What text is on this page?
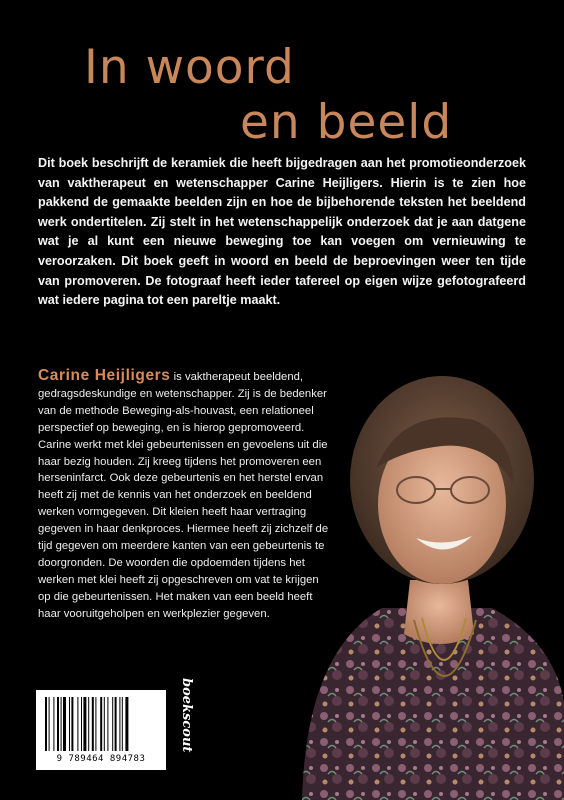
In woord
en beeld

Dit boek beschrijft de keramiek die heeft bijgedragen aan het promotieonderzoek van vaktherapeut en wetenschapper Carine Heijligers. Hierin is te zien hoe pakkend de gemaakte beelden zijn en hoe de bijbehorende teksten het beeldend werk ondertitelen. Zij stelt in het wetenschappelijk onderzoek dat je aan datgene wat je al kunt een nieuwe beweging toe kan voegen om vernieuwing te veroorzaken. Dit boek geeft in woord en beeld de beproevingen weer ten tijde van promoveren. De fotograaf heeft ieder tafereel op eigen wijze gefotografeerd wat iedere pagina tot een pareltje maakt.

Carine Heijligers is vaktherapeut beeldend, gedragsdeskundige en wetenschapper. Zij is de bedenker van de methode Beweging-als-houvast, een relationeel perspectief op beweging, en is hierop gepromoveerd. Carine werkt met klei gebeurtenissen en gevoelens uit die haar bezig houden. Zij kreeg tijdens het promoveren een herseninfarct. Ook deze gebeurtenis en het herstel ervan heeft zij met de kennis van het onderzoek en beeldend werken vormgegeven. Dit kleien heeft haar vertraging gegeven in haar denkproces. Hiermee heeft zij zichzelf de tijd gegeven om meerdere kanten van een gebeurtenis te doorgronden. De woorden die opdoemden tijdens het werken met klei heeft zij opgeschreven om vat te krijgen op die gebeurtenissen. Het maken van een beeld heeft haar vooruitgeholpen en werkplezier gegeven.

9 789464 894783
boekscout
